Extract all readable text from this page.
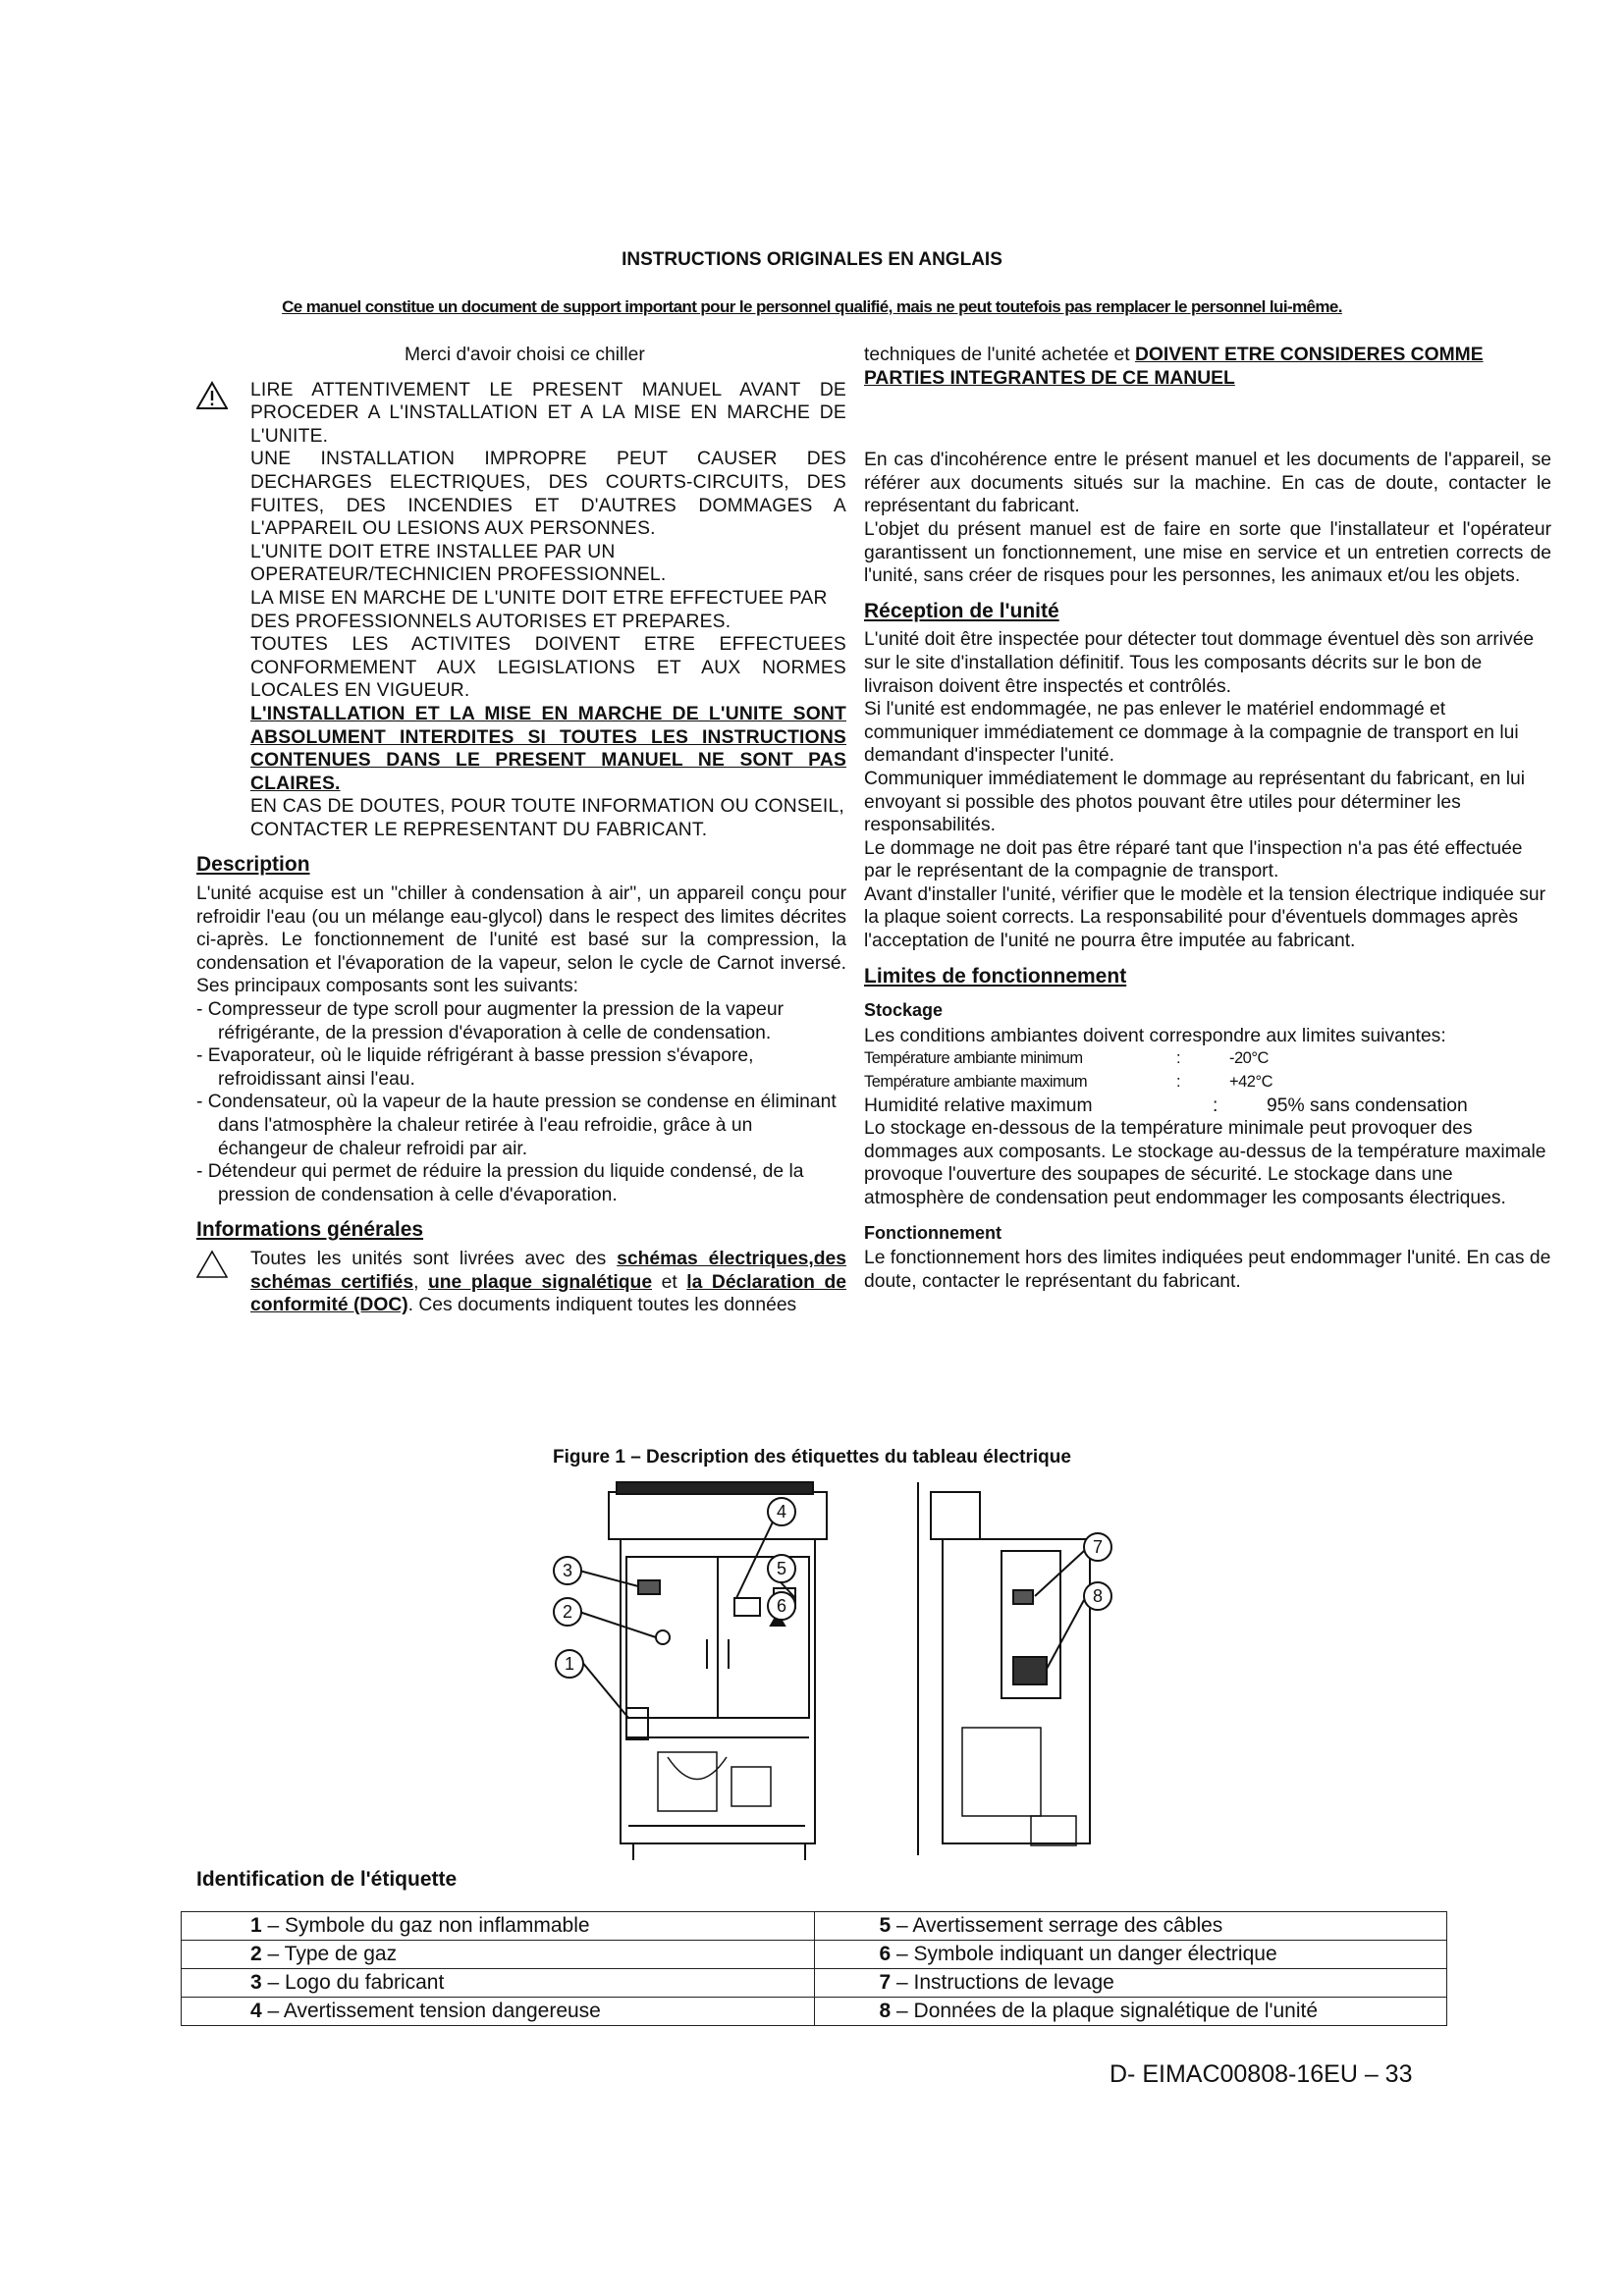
INSTRUCTIONS ORIGINALES EN ANGLAIS
Ce manuel constitue un document de support important pour le personnel qualifié, mais ne peut toutefois pas remplacer le personnel lui-même.

Merci d'avoir choisi ce chiller

LIRE ATTENTIVEMENT LE PRESENT MANUEL AVANT DE PROCEDER A L'INSTALLATION ET A LA MISE EN MARCHE DE L'UNITE.

UNE INSTALLATION IMPROPRE PEUT CAUSER DES DECHARGES ELECTRIQUES, DES COURTS-CIRCUITS, DES FUITES, DES INCENDIES ET D'AUTRES DOMMAGES A L'APPAREIL OU LESIONS AUX PERSONNES.

L'UNITE DOIT ETRE INSTALLEE PAR UN OPERATEUR/TECHNICIEN PROFESSIONNEL.

LA MISE EN MARCHE DE L'UNITE DOIT ETRE EFFECTUEE PAR DES PROFESSIONNELS AUTORISES ET PREPARES.

TOUTES LES ACTIVITES DOIVENT ETRE EFFECTUEES CONFORMEMENT AUX LEGISLATIONS ET AUX NORMES LOCALES EN VIGUEUR.

L'INSTALLATION ET LA MISE EN MARCHE DE L'UNITE SONT ABSOLUMENT INTERDITES SI TOUTES LES INSTRUCTIONS CONTENUES DANS LE PRESENT MANUEL NE SONT PAS CLAIRES.

EN CAS DE DOUTES, POUR TOUTE INFORMATION OU CONSEIL, CONTACTER LE REPRESENTANT DU FABRICANT.

Description

L'unité acquise est un "chiller à condensation à air", un appareil conçu pour refroidir l'eau (ou un mélange eau-glycol) dans le respect des limites décrites ci-après. Le fonctionnement de l'unité est basé sur la compression, la condensation et l'évaporation de la vapeur, selon le cycle de Carnot inversé. Ses principaux composants sont les suivants:

- Compresseur de type scroll pour augmenter la pression de la vapeur réfrigérante, de la pression d'évaporation à celle de condensation.

- Evaporateur, où le liquide réfrigérant à basse pression s'évapore, refroidissant ainsi l'eau.

- Condensateur, où la vapeur de la haute pression se condense en éliminant dans l'atmosphère la chaleur retirée à l'eau refroidie, grâce à un échangeur de chaleur refroidi par air.

- Détendeur qui permet de réduire la pression du liquide condensé, de la pression de condensation à celle d'évaporation.

Informations générales

Toutes les unités sont livrées avec des schémas électriques,des schémas certifiés, une plaque signalétique et la Déclaration de conformité (DOC). Ces documents indiquent toutes les données

techniques de l'unité achetée et DOIVENT ETRE CONSIDERES COMME PARTIES INTEGRANTES DE CE MANUEL

En cas d'incohérence entre le présent manuel et les documents de l'appareil, se référer aux documents situés sur la machine. En cas de doute, contacter le représentant du fabricant.

L'objet du présent manuel est de faire en sorte que l'installateur et l'opérateur garantissent un fonctionnement, une mise en service et un entretien corrects de l'unité, sans créer de risques pour les personnes, les animaux et/ou les objets.

Réception de l'unité

L'unité doit être inspectée pour détecter tout dommage éventuel dès son arrivée sur le site d'installation définitif. Tous les composants décrits sur le bon de livraison doivent être inspectés et contrôlés.

Si l'unité est endommagée, ne pas enlever le matériel endommagé et communiquer immédiatement ce dommage à la compagnie de transport en lui demandant d'inspecter l'unité.

Communiquer immédiatement le dommage au représentant du fabricant, en lui envoyant si possible des photos pouvant être utiles pour déterminer les responsabilités.

Le dommage ne doit pas être réparé tant que l'inspection n'a pas été effectuée par le représentant de la compagnie de transport.

Avant d'installer l'unité, vérifier que le modèle et la tension électrique indiquée sur la plaque soient corrects. La responsabilité pour d'éventuels dommages après l'acceptation de l'unité ne pourra être imputée au fabricant.

Limites de fonctionnement
Stockage

Les conditions ambiantes doivent correspondre aux limites suivantes:

Température ambiante minimum	:	-20°C
Température ambiante maximum	:	+42°C
Humidité relative maximum	:	95% sans condensation

Lo stockage en-dessous de la température minimale peut provoquer des dommages aux composants. Le stockage au-dessus de la température maximale provoque l'ouverture des soupapes de sécurité. Le stockage dans une atmosphère de condensation peut endommager les composants électriques.

Fonctionnement

Le fonctionnement hors des limites indiquées peut endommager l'unité. En cas de doute, contacter le représentant du fabricant.

Figure 1 – Description des étiquettes du tableau électrique
3
2
1
4
5
6
7
8
Identification de l'étiquette
1 – Symbole du gaz non inflammable	5 – Avertissement serrage des câbles
2 – Type de gaz	6 – Symbole indiquant un danger électrique
3 – Logo du fabricant	7 – Instructions de levage
4 – Avertissement tension dangereuse	8 – Données de la plaque signalétique de l'unité
D- EIMAC00808-16EU – 33
